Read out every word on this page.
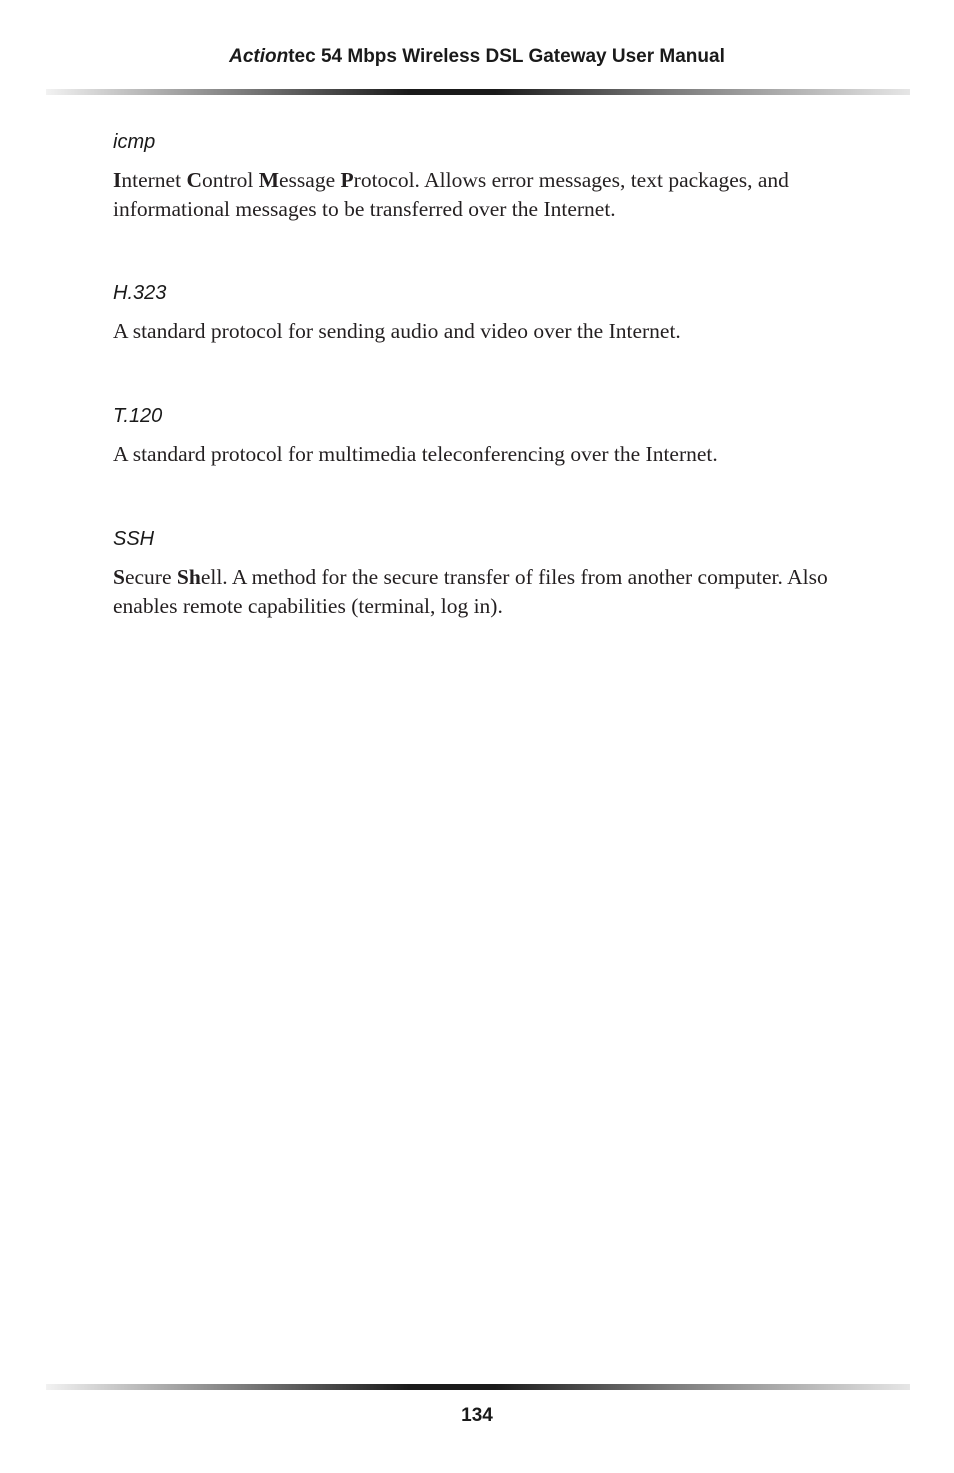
Actiontec 54 Mbps Wireless DSL Gateway User Manual

icmp

Internet Control Message Protocol. Allows error messages, text packages, and informational messages to be transferred over the Internet.

H.323

A standard protocol for sending audio and video over the Internet.

T.120

A standard protocol for multimedia teleconferencing over the Internet.

SSH

Secure Shell. A method for the secure transfer of files from another computer. Also enables remote capabilities (terminal, log in).

134
